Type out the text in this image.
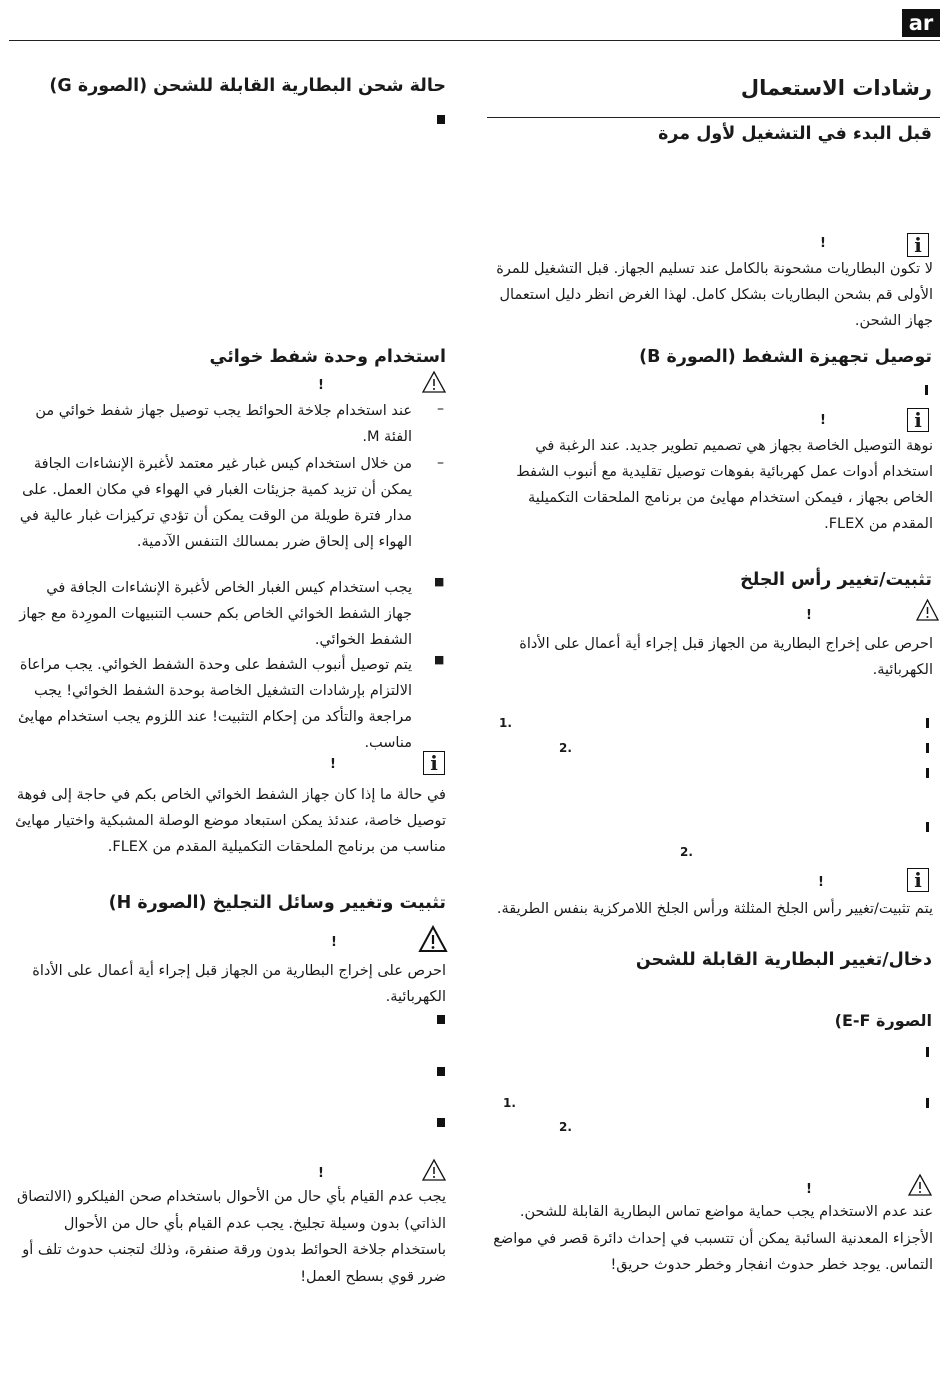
ar
رشادات الاستعمال
قبل البدء في التشغيل لأول مرة
i
!
لا تكون البطاريات مشحونة بالكامل عند تسليم الجهاز. قبل التشغيل للمرة الأولى قم بشحن البطاريات بشكل كامل. لهذا الغرض انظر دليل استعمال جهاز الشحن.
توصيل تجهيزة الشفط (الصورة B)
i
!
نوهة التوصيل الخاصة بجهاز هي تصميم تطوير جديد. عند الرغبة في استخدام أدوات عمل كهربائية بفوهات توصيل تقليدية مع أنبوب الشفط الخاص بجهاز ، فيمكن استخدام مهايئ من برنامج الملحقات التكميلية المقدم من FLEX.
تثبيت/تغيير رأس الجلخ
!
احرص على إخراج البطارية من الجهاز قبل إجراء أية أعمال على الأداة الكهربائية.
1.
2.
2.
i
!
يتم تثبيت/تغيير رأس الجلخ المثلثة ورأس الجلخ اللامركزية بنفس الطريقة.
دخال/تغيير البطارية القابلة للشحن
الصورة E-F)
1.
2.
!
عند عدم الاستخدام يجب حماية مواضع تماس البطارية القابلة للشحن. الأجزاء المعدنية السائبة يمكن أن تتسبب في إحداث دائرة قصر في مواضع التماس. يوجد خطر حدوث انفجار وخطر حدوث حريق!
حالة شحن البطارية القابلة للشحن (الصورة G)
استخدام وحدة شفط خوائي
!
–
عند استخدام جلاخة الحوائط يجب توصيل جهاز شفط خوائي من الفئة M.
–
من خلال استخدام كيس غبار غير معتمد لأغبرة الإنشاءات الجافة يمكن أن تزيد كمية جزيئات الغبار في الهواء في مكان العمل. على مدار فترة طويلة من الوقت يمكن أن تؤدي تركيزات غبار عالية في الهواء إلى إلحاق ضرر بمسالك التنفس الآدمية.
■
يجب استخدام كيس الغبار الخاص لأغبرة الإنشاءات الجافة في جهاز الشفط الخوائي الخاص بكم حسب التنبيهات المورِدة مع جهاز الشفط الخوائي.
■
يتم توصيل أنبوب الشفط على وحدة الشفط الخوائي. يجب مراعاة الالتزام بإرشادات التشغيل الخاصة بوحدة الشفط الخوائي! يجب مراجعة والتأكد من إحكام التثبيت! عند اللزوم يجب استخدام مهايئ مناسب.
i
!
في حالة ما إذا كان جهاز الشفط الخوائي الخاص بكم في حاجة إلى فوهة توصيل خاصة، عندئذ يمكن استبعاد موضع الوصلة المشبكية واختيار مهايئ مناسب من برنامج الملحقات التكميلية المقدم من FLEX.
تثبيت وتغيير وسائل التجليخ (الصورة H)
!
احرص على إخراج البطارية من الجهاز قبل إجراء أية أعمال على الأداة الكهربائية.
!
يجب عدم القيام بأي حال من الأحوال باستخدام صحن الفيلكرو (الالتصاق الذاتي) بدون وسيلة تجليخ. يجب عدم القيام بأي حال من الأحوال باستخدام جلاخة الحوائط بدون ورقة صنفرة، وذلك لتجنب حدوث تلف أو ضرر قوي بسطح العمل!
